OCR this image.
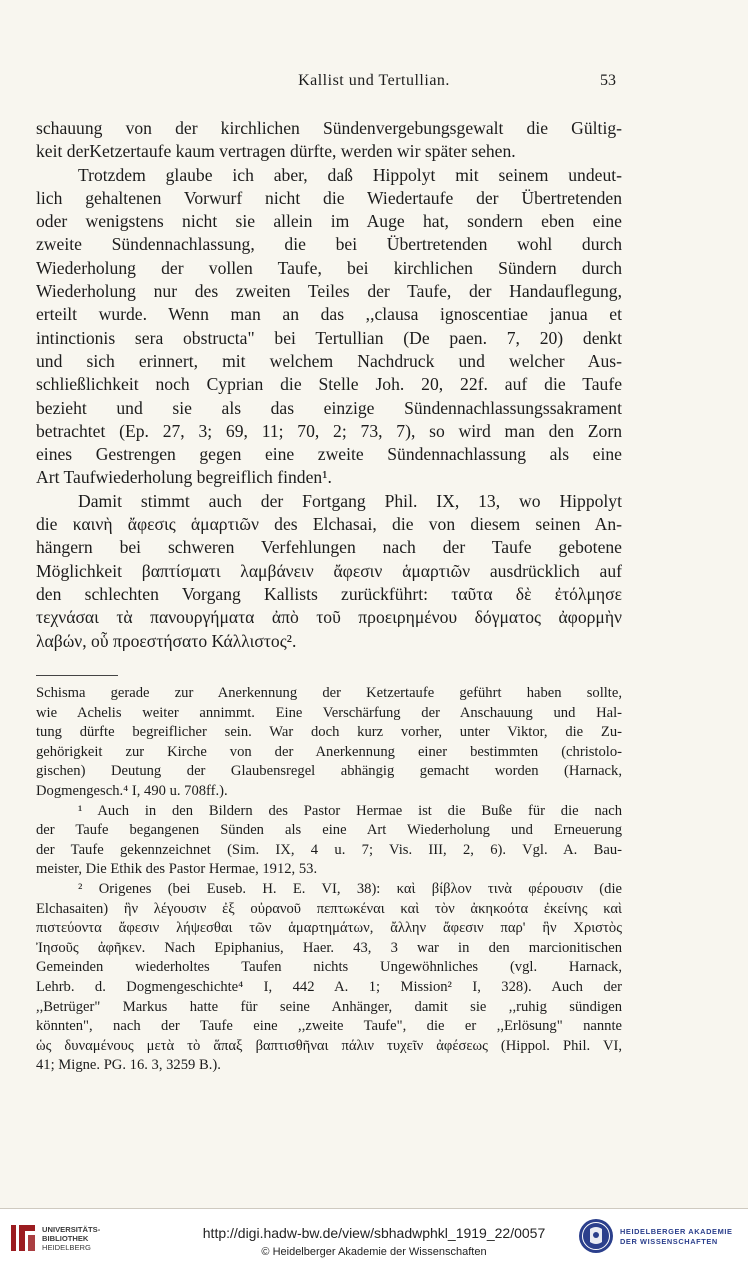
Kallist und Tertullian.	53
schauung von der kirchlichen Sündenvergebungsgewalt die Gültig-
keit derKetzertaufe kaum vertragen dürfte, werden wir später sehen.
Trotzdem glaube ich aber, daß Hippolyt mit seinem undeut-
lich gehaltenen Vorwurf nicht die Wiedertaufe der Übertretenden
oder wenigstens nicht sie allein im Auge hat, sondern eben eine
zweite Sündennachlassung, die bei Übertretenden wohl durch
Wiederholung der vollen Taufe, bei kirchlichen Sündern durch
Wiederholung nur des zweiten Teiles der Taufe, der Handauflegung,
erteilt wurde. Wenn man an das ,,clausa ignoscentiae janua et
intinctionis sera obstructa" bei Tertullian (De paen. 7, 20) denkt
und sich erinnert, mit welchem Nachdruck und welcher Aus-
schließlichkeit noch Cyprian die Stelle Joh. 20, 22f. auf die Taufe
bezieht und sie als das einzige Sündennachlassungssakrament
betrachtet (Ep. 27, 3; 69, 11; 70, 2; 73, 7), so wird man den Zorn
eines Gestrengen gegen eine zweite Sündennachlassung als eine
Art Taufwiederholung begreiflich finden¹.
Damit stimmt auch der Fortgang Phil. IX, 13, wo Hippolyt
die καινὴ ἄφεσις ἁμαρτιῶν des Elchasai, die von diesem seinen An-
hängern bei schweren Verfehlungen nach der Taufe gebotene
Möglichkeit βαπτίσματι λαμβάνειν ἄφεσιν ἁμαρτιῶν ausdrücklich auf
den schlechten Vorgang Kallists zurückführt: ταῦτα δὲ ἐτόλμησε
τεχνάσαι τὰ πανουργήματα ἀπὸ τοῦ προειρημένου δόγματος ἀφορμὴν
λαβών, οὗ προεστήσατο Κάλλιστος².
Schisma gerade zur Anerkennung der Ketzertaufe geführt haben sollte,
wie Achelis weiter annimmt. Eine Verschärfung der Anschauung und Hal-
tung dürfte begreiflicher sein. War doch kurz vorher, unter Viktor, die Zu-
gehörigkeit zur Kirche von der Anerkennung einer bestimmten (christolo-
gischen) Deutung der Glaubensregel abhängig gemacht worden (Harnack,
Dogmengesch.⁴ I, 490 u. 708ff.).
¹ Auch in den Bildern des Pastor Hermae ist die Buße für die nach
der Taufe begangenen Sünden als eine Art Wiederholung und Erneuerung
der Taufe gekennzeichnet (Sim. IX, 4 u. 7; Vis. III, 2, 6). Vgl. A. Bau-
meister, Die Ethik des Pastor Hermae, 1912, 53.
² Origenes (bei Euseb. H. E. VI, 38): καὶ βίβλον τινὰ φέρουσιν (die
Elchasaiten) ἣν λέγουσιν ἐξ οὐρανοῦ πεπτωκέναι καὶ τὸν ἀκηκοότα ἐκείνης καὶ
πιστεύοντα ἄφεσιν λήψεσθαι τῶν ἁμαρτημάτων, ἄλλην ἄφεσιν παρ' ἣν Χριστὸς
Ἰησοῦς ἀφῆκεν. Nach Epiphanius, Haer. 43, 3 war in den marcionitischen
Gemeinden wiederholtes Taufen nichts Ungewöhnliches (vgl. Harnack,
Lehrb. d. Dogmengeschichte⁴ I, 442 A. 1; Mission² I, 328). Auch der
,,Betrüger" Markus hatte für seine Anhänger, damit sie ,,ruhig sündigen
könnten", nach der Taufe eine ,,zweite Taufe", die er ,,Erlösung" nannte
ὡς δυναμένους μετὰ τὸ ἅπαξ βαπτισθῆναι πάλιν τυχεῖν ἀφέσεως (Hippol. Phil. VI,
41; Migne. PG. 16. 3, 3259 B.).
UNIVERSITÄTS-
BIBLIOTHEK
HEIDELBERG
http://digi.hadw-bw.de/view/sbhadwphkl_1919_22/0057
© Heidelberger Akademie der Wissenschaften
HEIDELBERGER AKADEMIE
DER WISSENSCHAFTEN
